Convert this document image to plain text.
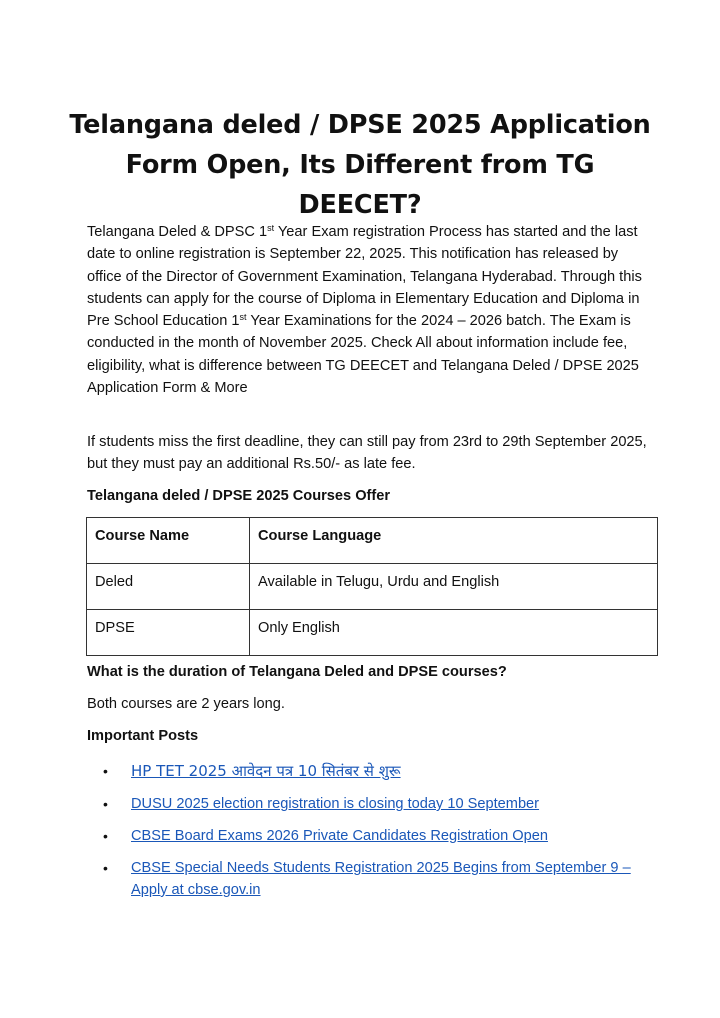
Telangana deled / DPSE 2025 Application Form Open, Its Different from TG DEECET?

Telangana Deled & DPSC 1st Year Exam registration Process has started and the last date to online registration is September 22, 2025. This notification has released by office of the Director of Government Examination, Telangana Hyderabad. Through this students can apply for the course of Diploma in Elementary Education and Diploma in Pre School Education 1st Year Examinations for the 2024 – 2026 batch. The Exam is conducted in the month of November 2025. Check All about information include fee, eligibility, what is difference between TG DEECET and Telangana Deled / DPSE 2025 Application Form & More

If students miss the first deadline, they can still pay from 23rd to 29th September 2025, but they must pay an additional Rs.50/- as late fee.

Telangana deled / DPSE 2025 Courses Offer

Course Name	Course Language
Deled	Available in Telugu, Urdu and English
DPSE	Only English

What is the duration of Telangana Deled and DPSE courses?

Both courses are 2 years long.

Important Posts

• HP TET 2025 आवेदन पत्र 10 सितंबर से शुरू
• DUSU 2025 election registration is closing today 10 September
• CBSE Board Exams 2026 Private Candidates Registration Open
• CBSE Special Needs Students Registration 2025 Begins from September 9 – Apply at cbse.gov.in
